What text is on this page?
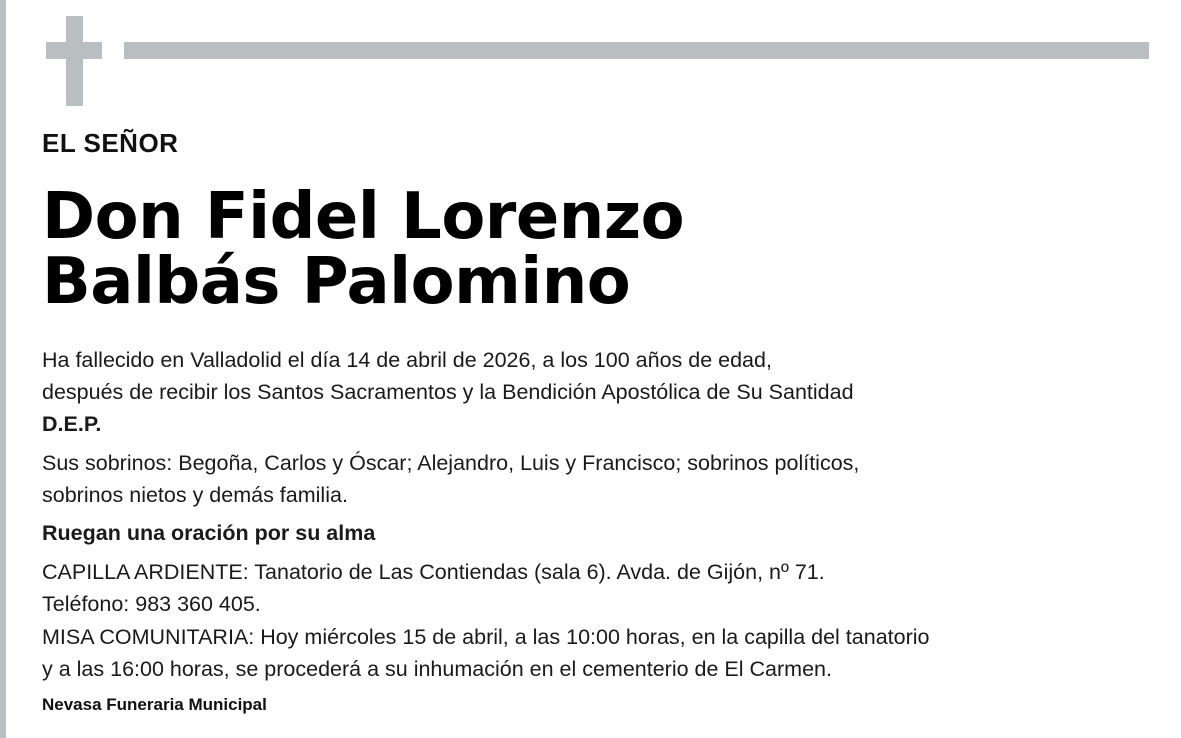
EL SEÑOR
Don Fidel Lorenzo
Balbás Palomino

Ha fallecido en Valladolid el día 14 de abril de 2026, a los 100 años de edad,

después de recibir los Santos Sacramentos y la Bendición Apostólica de Su Santidad

D.E.P.

Sus sobrinos: Begoña, Carlos y Óscar; Alejandro, Luis y Francisco; sobrinos políticos,

sobrinos nietos y demás familia.

Ruegan una oración por su alma

CAPILLA ARDIENTE: Tanatorio de Las Contiendas (sala 6). Avda. de Gijón, nº 71.

Teléfono: 983 360 405.

MISA COMUNITARIA: Hoy miércoles 15 de abril, a las 10:00 horas, en la capilla del tanatorio

y a las 16:00 horas, se procederá a su inhumación en el cementerio de El Carmen.

Nevasa Funeraria Municipal
